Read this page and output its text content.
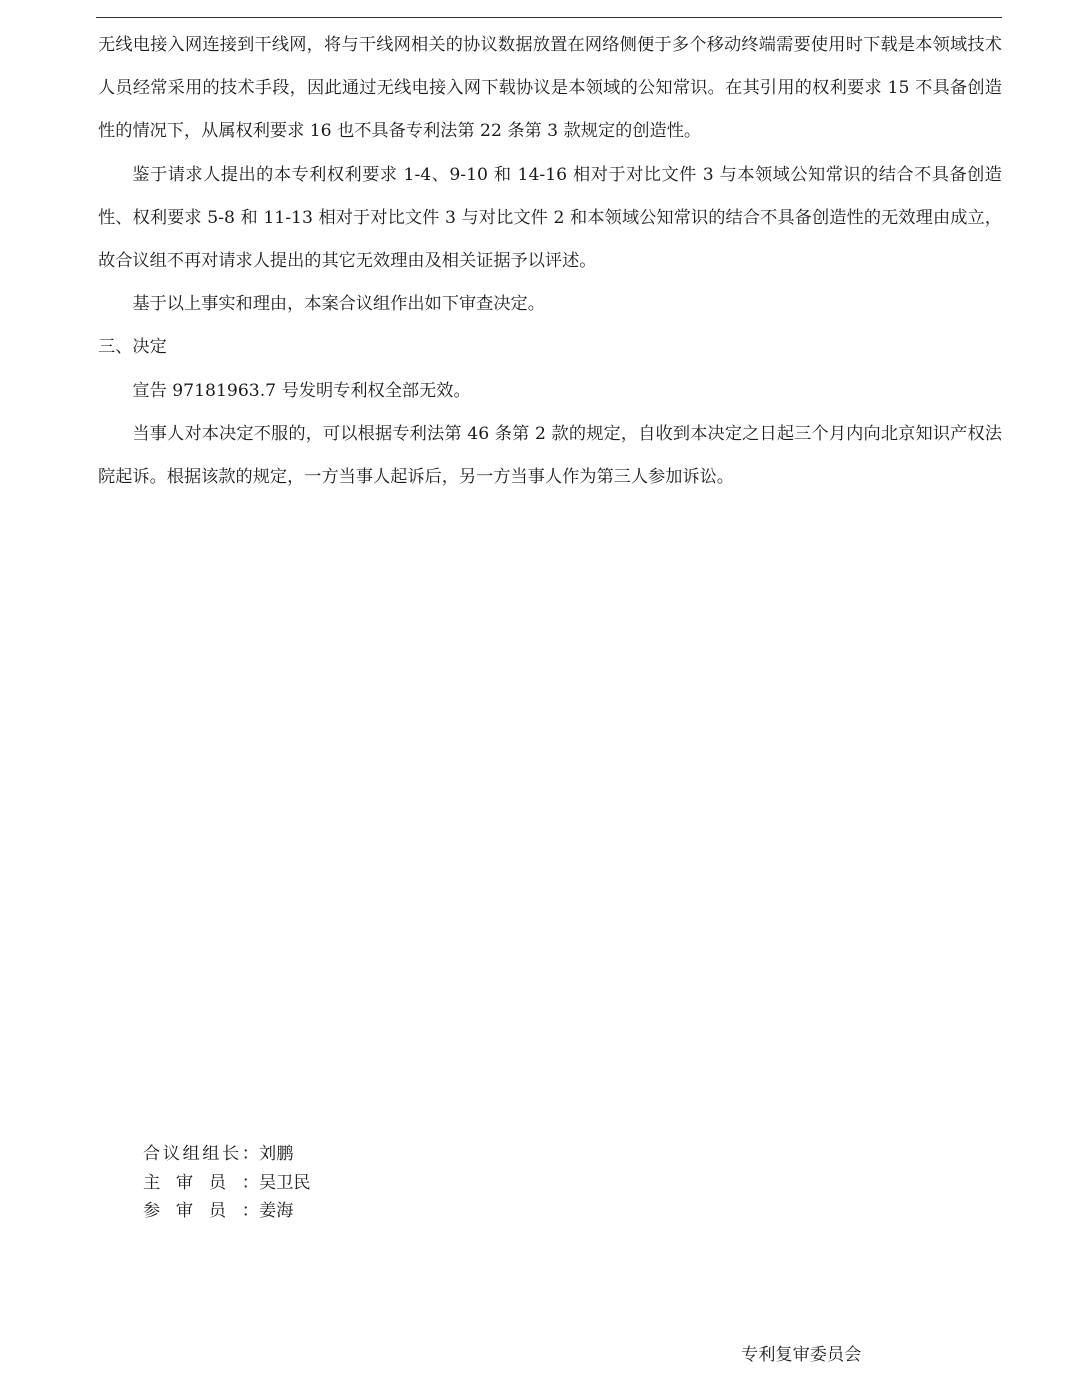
无线电接入网连接到干线网，将与干线网相关的协议数据放置在网络侧便于多个移动终端需要使用时下载是本领域技术人员经常采用的技术手段，因此通过无线电接入网下载协议是本领域的公知常识。在其引用的权利要求 15 不具备创造性的情况下，从属权利要求 16 也不具备专利法第 22 条第 3 款规定的创造性。

鉴于请求人提出的本专利权利要求 1-4、9-10 和 14-16 相对于对比文件 3 与本领域公知常识的结合不具备创造性、权利要求 5-8 和 11-13 相对于对比文件 3 与对比文件 2 和本领域公知常识的结合不具备创造性的无效理由成立，故合议组不再对请求人提出的其它无效理由及相关证据予以评述。

基于以上事实和理由，本案合议组作出如下审查决定。

三、决定

宣告 97181963.7 号发明专利权全部无效。

当事人对本决定不服的，可以根据专利法第 46 条第 2 款的规定，自收到本决定之日起三个月内向北京知识产权法院起诉。根据该款的规定，一方当事人起诉后，另一方当事人作为第三人参加诉讼。

合 议 组 组 长 ： 刘鹏
主 审 员 ： 吴卫民
参 审 员 ： 姜海
专利复审委员会
